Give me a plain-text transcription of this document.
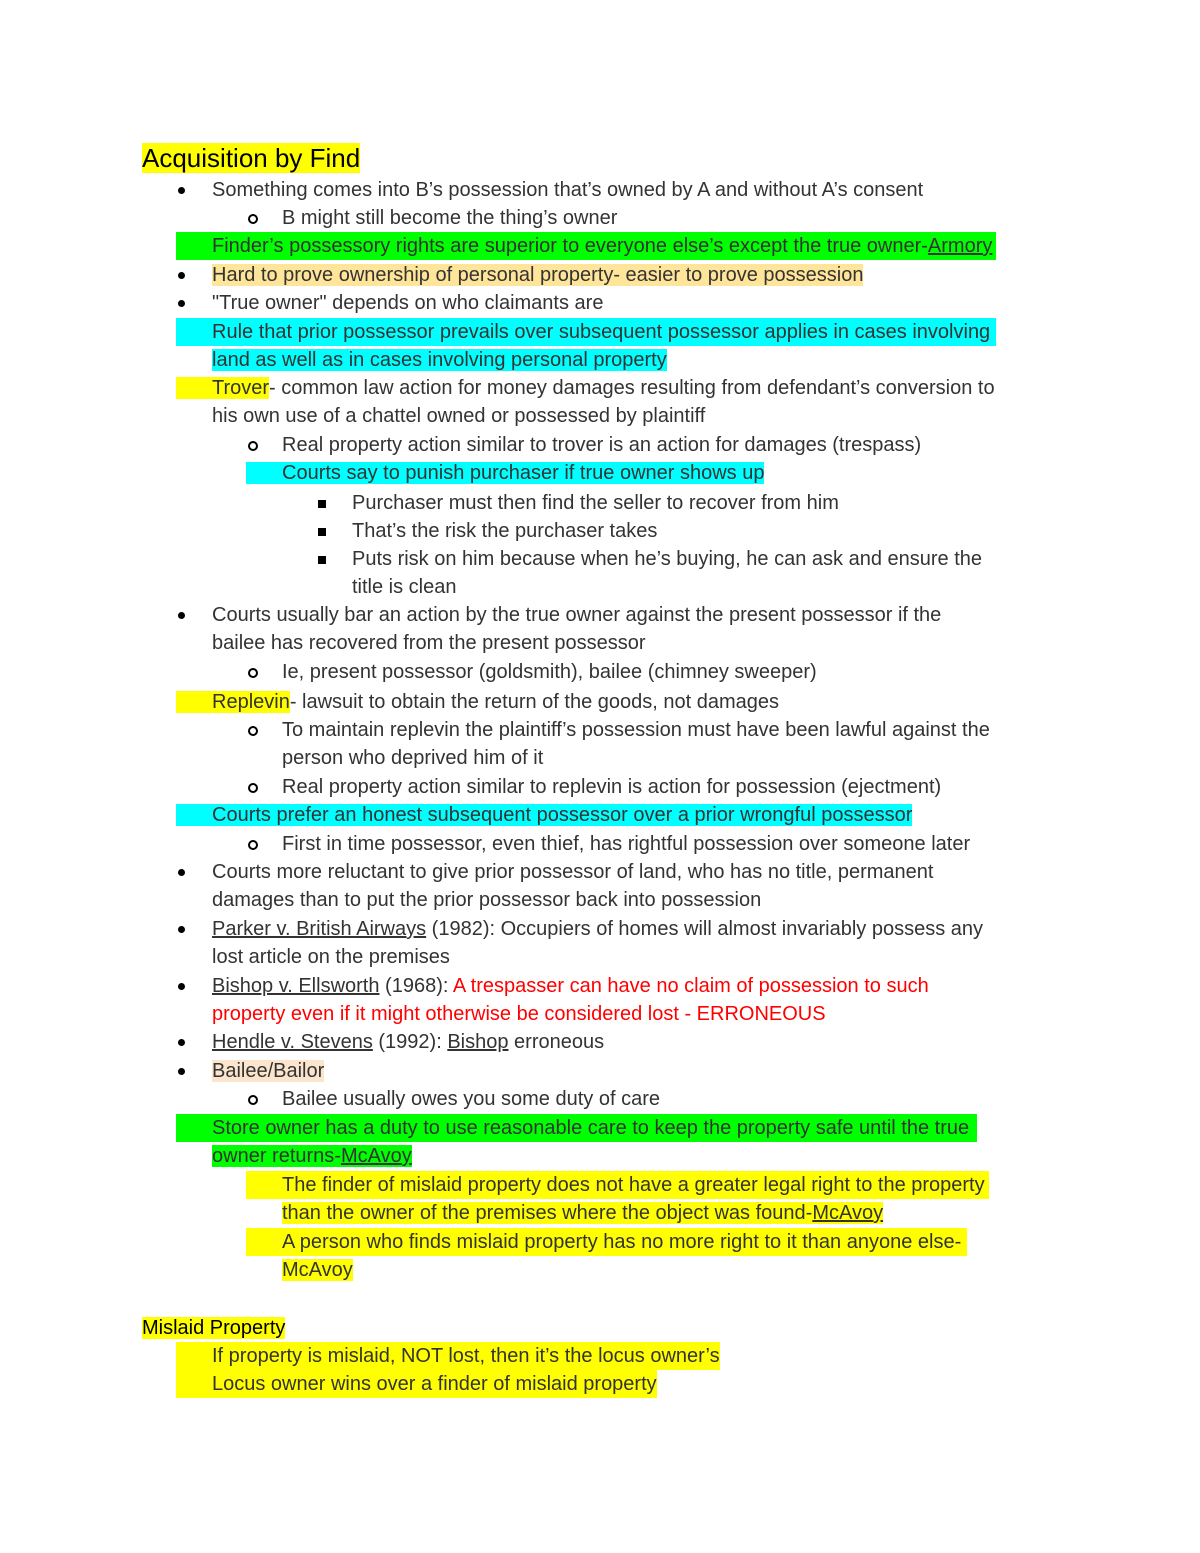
Acquisition by Find
Something comes into B’s possession that’s owned by A and without A’s consent
B might still become the thing’s owner
Finder’s possessory rights are superior to everyone else’s except the true owner-Armory
Hard to prove ownership of personal property- easier to prove possession
"True owner" depends on who claimants are
Rule that prior possessor prevails over subsequent possessor applies in cases involving
land as well as in cases involving personal property
Trover- common law action for money damages resulting from defendant’s conversion to
his own use of a chattel owned or possessed by plaintiff
Real property action similar to trover is an action for damages (trespass)
Courts say to punish purchaser if true owner shows up
Purchaser must then find the seller to recover from him
That’s the risk the purchaser takes
Puts risk on him because when he’s buying, he can ask and ensure the
title is clean
Courts usually bar an action by the true owner against the present possessor if the
bailee has recovered from the present possessor
Ie, present possessor (goldsmith), bailee (chimney sweeper)
Replevin- lawsuit to obtain the return of the goods, not damages
To maintain replevin the plaintiff’s possession must have been lawful against the
person who deprived him of it
Real property action similar to replevin is action for possession (ejectment)
Courts prefer an honest subsequent possessor over a prior wrongful possessor
First in time possessor, even thief, has rightful possession over someone later
Courts more reluctant to give prior possessor of land, who has no title, permanent
damages than to put the prior possessor back into possession
Parker v. British Airways (1982): Occupiers of homes will almost invariably possess any
lost article on the premises
Bishop v. Ellsworth (1968): A trespasser can have no claim of possession to such
property even if it might otherwise be considered lost - ERRONEOUS
Hendle v. Stevens (1992): Bishop erroneous
Bailee/Bailor
Bailee usually owes you some duty of care
Store owner has a duty to use reasonable care to keep the property safe until the true
owner returns-McAvoy
The finder of mislaid property does not have a greater legal right to the property
than the owner of the premises where the object was found-McAvoy
A person who finds mislaid property has no more right to it than anyone else-
McAvoy
Mislaid Property
If property is mislaid, NOT lost, then it’s the locus owner’s
Locus owner wins over a finder of mislaid property
